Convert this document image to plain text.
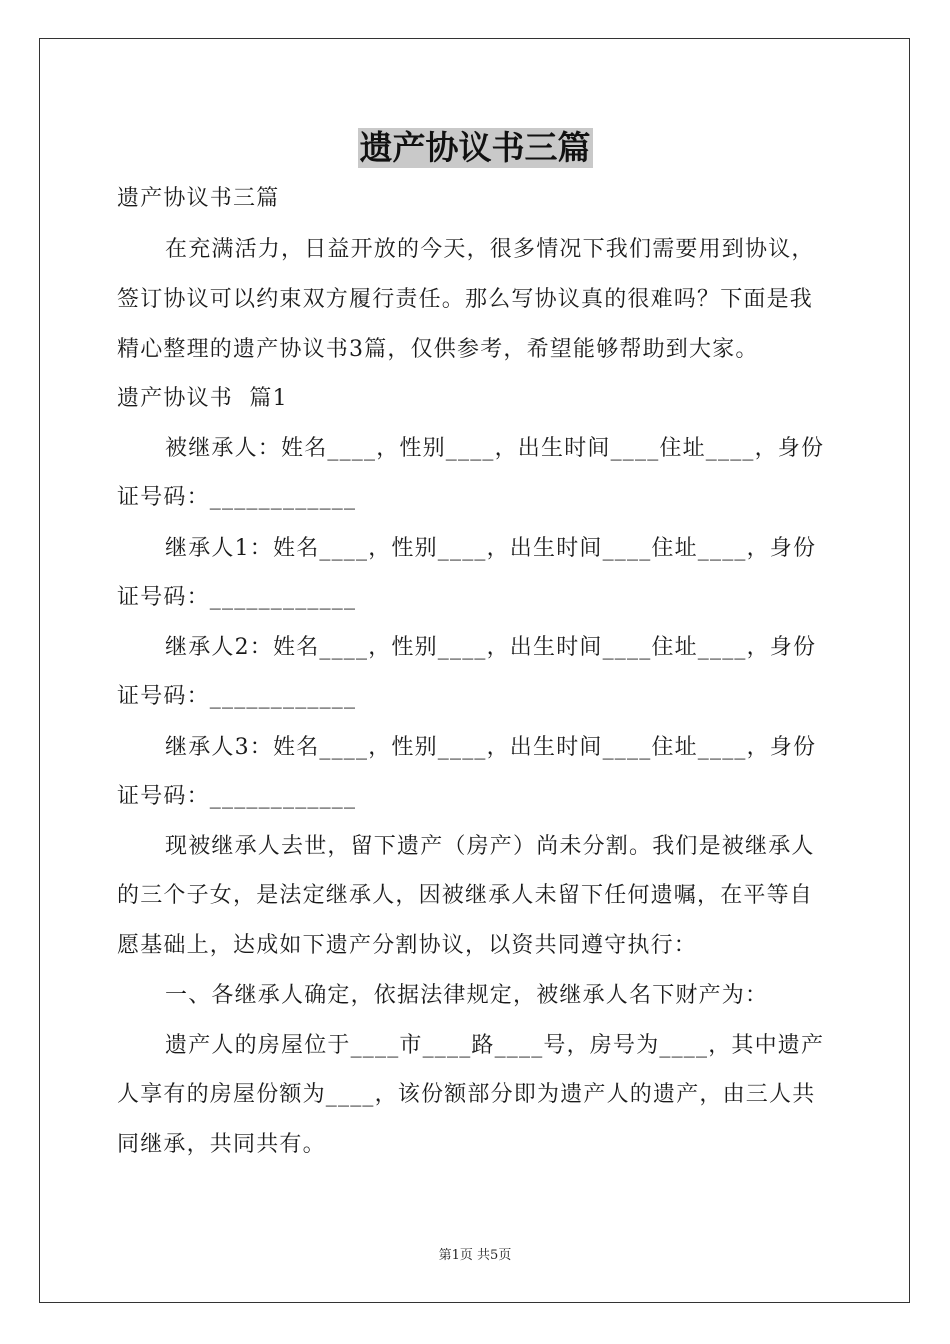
遗产协议书三篇
遗产协议书三篇
在充满活力，日益开放的今天，很多情况下我们需要用到协议，
签订协议可以约束双方履行责任。那么写协议真的很难吗？下面是我
精心整理的遗产协议书3篇，仅供参考，希望能够帮助到大家。
遗产协议书  篇1
被继承人：姓名____，性别____，出生时间____住址____，身份
证号码：____________
继承人1：姓名____，性别____，出生时间____住址____，身份
证号码：____________
继承人2：姓名____，性别____，出生时间____住址____，身份
证号码：____________
继承人3：姓名____，性别____，出生时间____住址____，身份
证号码：____________
现被继承人去世，留下遗产（房产）尚未分割。我们是被继承人
的三个子女，是法定继承人，因被继承人未留下任何遗嘱，在平等自
愿基础上，达成如下遗产分割协议，以资共同遵守执行：
一、各继承人确定，依据法律规定，被继承人名下财产为：
遗产人的房屋位于____市____路____号，房号为____，其中遗产
人享有的房屋份额为____，该份额部分即为遗产人的遗产，由三人共
同继承，共同共有。
第1页 共5页
